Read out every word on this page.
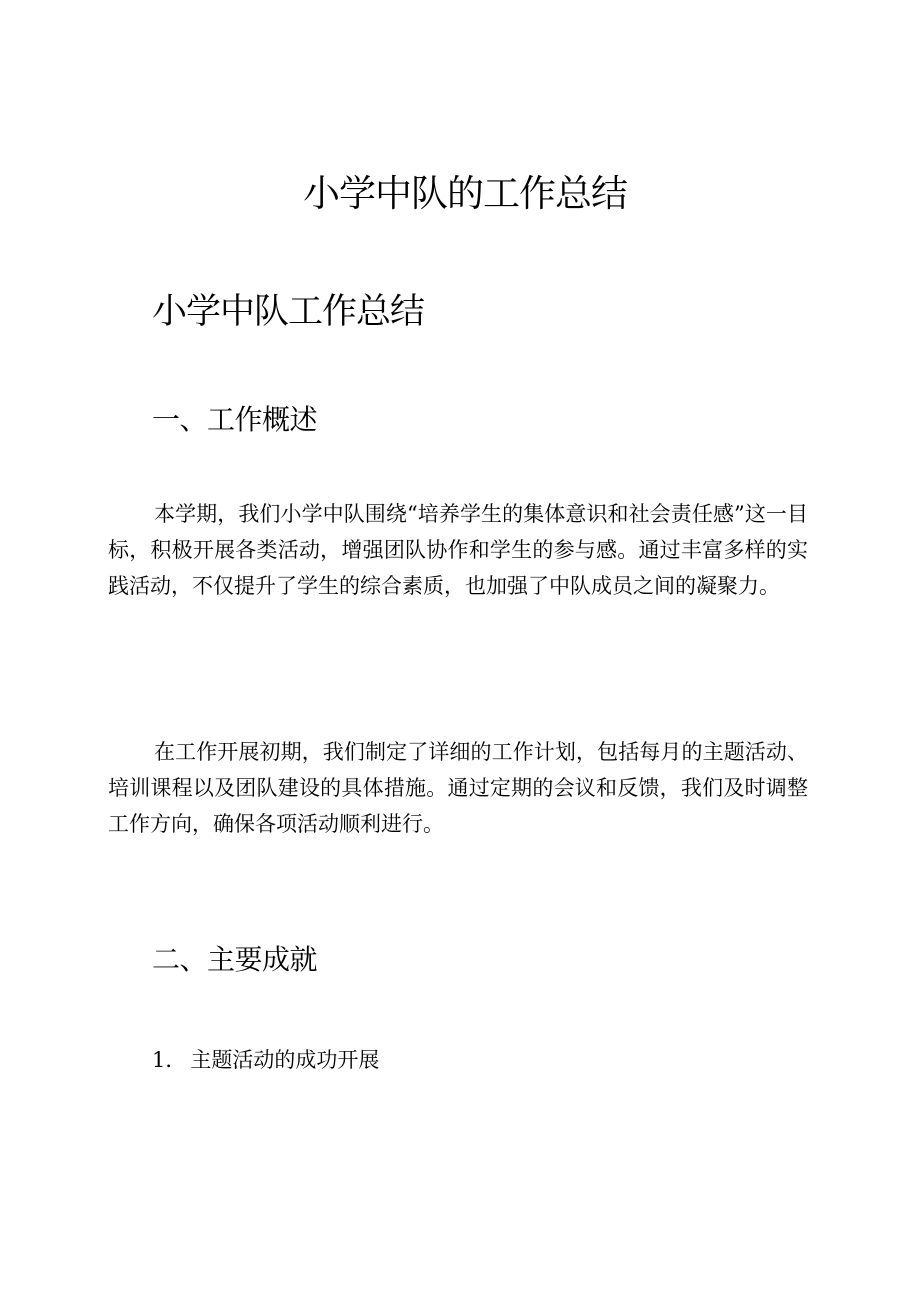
小学中队的工作总结
小学中队工作总结
一、工作概述

本学期，我们小学中队围绕“培养学生的集体意识和社会责任感”这一目标，积极开展各类活动，增强团队协作和学生的参与感。通过丰富多样的实践活动，不仅提升了学生的综合素质，也加强了中队成员之间的凝聚力。

在工作开展初期，我们制定了详细的工作计划，包括每月的主题活动、培训课程以及团队建设的具体措施。通过定期的会议和反馈，我们及时调整工作方向，确保各项活动顺利进行。

二、主要成就
1． 主题活动的成功开展
